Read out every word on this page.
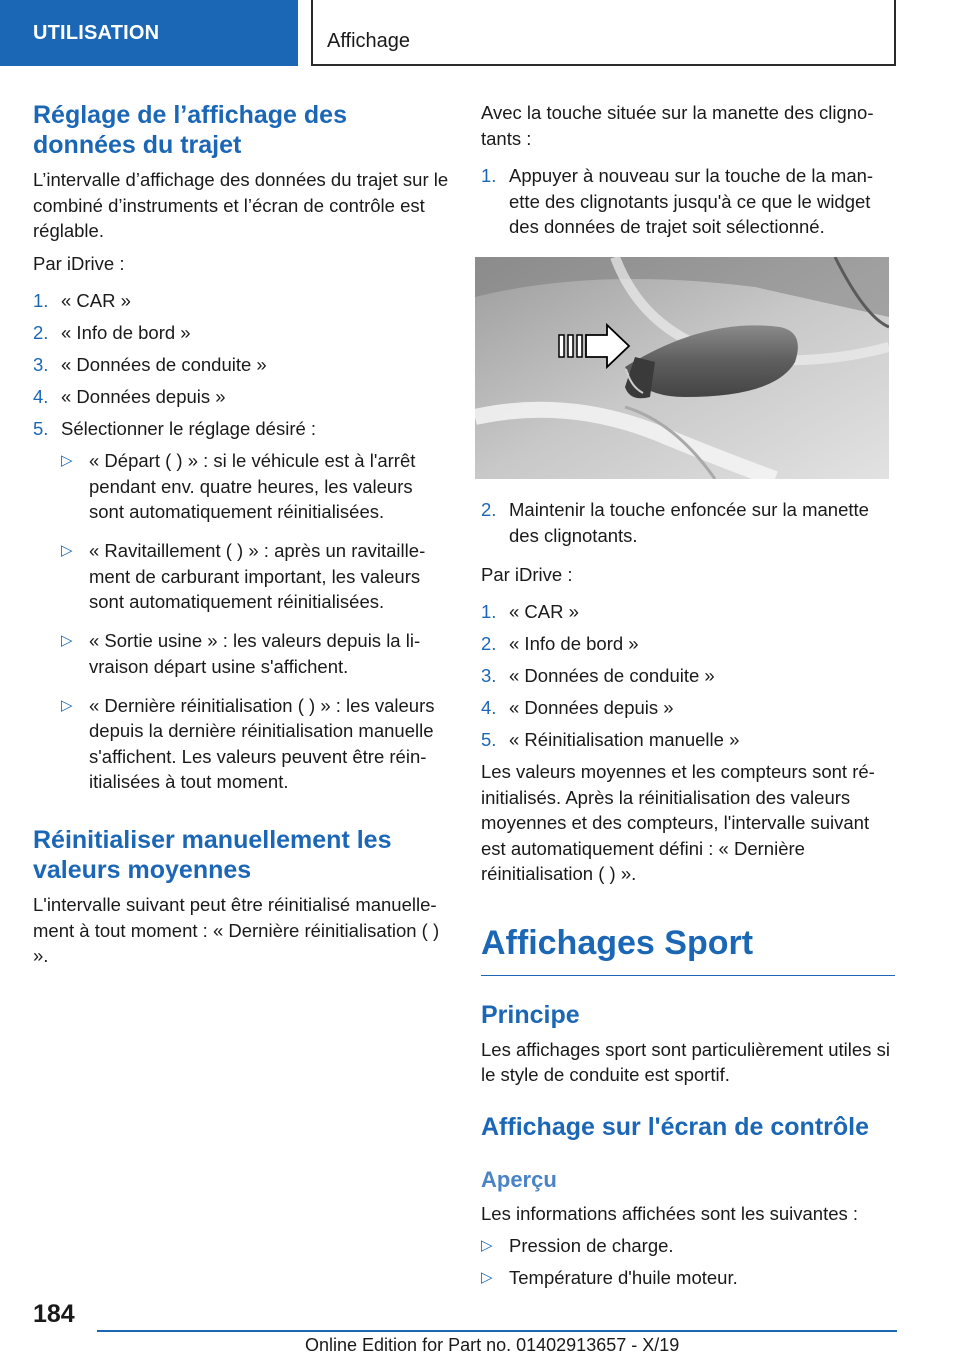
UTILISATION	Affichage
Réglage de l’affichage des données du trajet

L’intervalle d’affichage des données du trajet sur le combiné d’instruments et l’écran de contrôle est réglable.

Par iDrive :

1. « CAR »
2. « Info de bord »
3. « Données de conduite »
4. « Données depuis »
5. Sélectionner le réglage désiré :
▷ « Départ ( ) » : si le véhicule est à l'arrêt pendant env. quatre heures, les valeurs sont automatiquement réinitialisées.
▷ « Ravitaillement ( ) » : après un ravitaillement de carburant important, les valeurs sont automatiquement réinitialisées.
▷ « Sortie usine » : les valeurs depuis la livraison départ usine s'affichent.
▷ « Dernière réinitialisation ( ) » : les valeurs depuis la dernière réinitialisation manuelle s'affichent. Les valeurs peuvent être réinitialisées à tout moment.
Réinitialiser manuellement les valeurs moyennes

L'intervalle suivant peut être réinitialisé manuellement à tout moment : « Dernière réinitialisation ( ) ».

Avec la touche située sur la manette des clignotants :

1. Appuyer à nouveau sur la touche de la manette des clignotants jusqu'à ce que le widget des données de trajet soit sélectionné.
2. Maintenir la touche enfoncée sur la manette des clignotants.

Par iDrive :

1. « CAR »
2. « Info de bord »
3. « Données de conduite »
4. « Données depuis »
5. « Réinitialisation manuelle »

Les valeurs moyennes et les compteurs sont réinitialisés. Après la réinitialisation des valeurs moyennes et des compteurs, l'intervalle suivant est automatiquement défini : « Dernière réinitialisation ( ) ».

Affichages Sport
Principe

Les affichages sport sont particulièrement utiles si le style de conduite est sportif.

Affichage sur l'écran de contrôle
Aperçu

Les informations affichées sont les suivantes :

▷ Pression de charge.
▷ Température d'huile moteur.
184
Online Edition for Part no. 01402913657 - X/19
